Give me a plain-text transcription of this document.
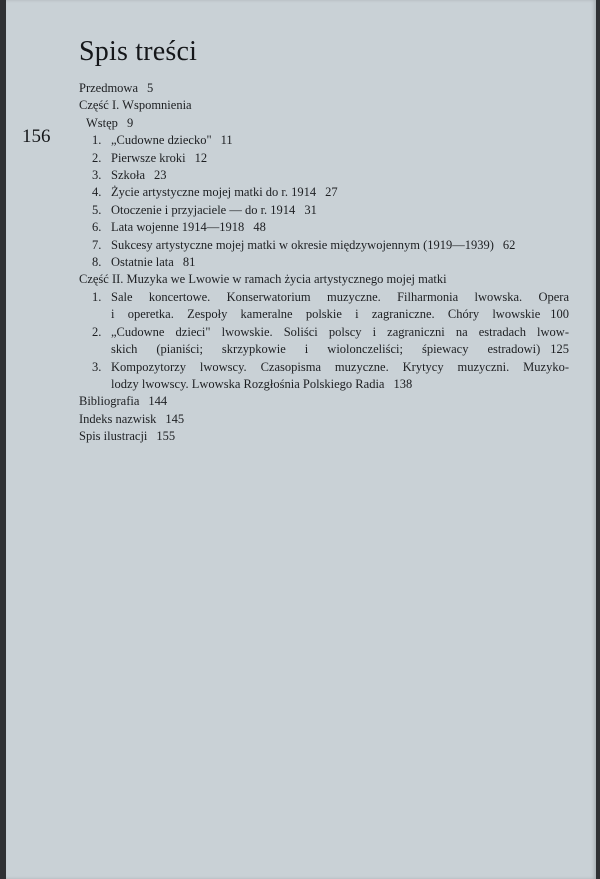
Spis treści
156
Przedmowa 5
Część I. Wspomnienia
Wstęp 9
1. „Cudowne dziecko" 11
2. Pierwsze kroki 12
3. Szkoła 23
4. Życie artystyczne mojej matki do r. 1914 27
5. Otoczenie i przyjaciele — do r. 1914 31
6. Lata wojenne 1914—1918 48
7. Sukcesy artystyczne mojej matki w okresie międzywojennym (1919—1939) 62
8. Ostatnie lata 81
Część II. Muzyka we Lwowie w ramach życia artystycznego mojej matki
1. Sale koncertowe. Konserwatorium muzyczne. Filharmonia lwowska. Opera
i operetka. Zespoły kameralne polskie i zagraniczne. Chóry lwowskie 100
2. „Cudowne dzieci" lwowskie. Soliści polscy i zagraniczni na estradach lwow-
skich (pianiści; skrzypkowie i wiolonczeliści; śpiewacy estradowi) 125
3. Kompozytorzy lwowscy. Czasopisma muzyczne. Krytycy muzyczni. Muzyko-
lodzy lwowscy. Lwowska Rozgłośnia Polskiego Radia 138
Bibliografia 144
Indeks nazwisk 145
Spis ilustracji 155
